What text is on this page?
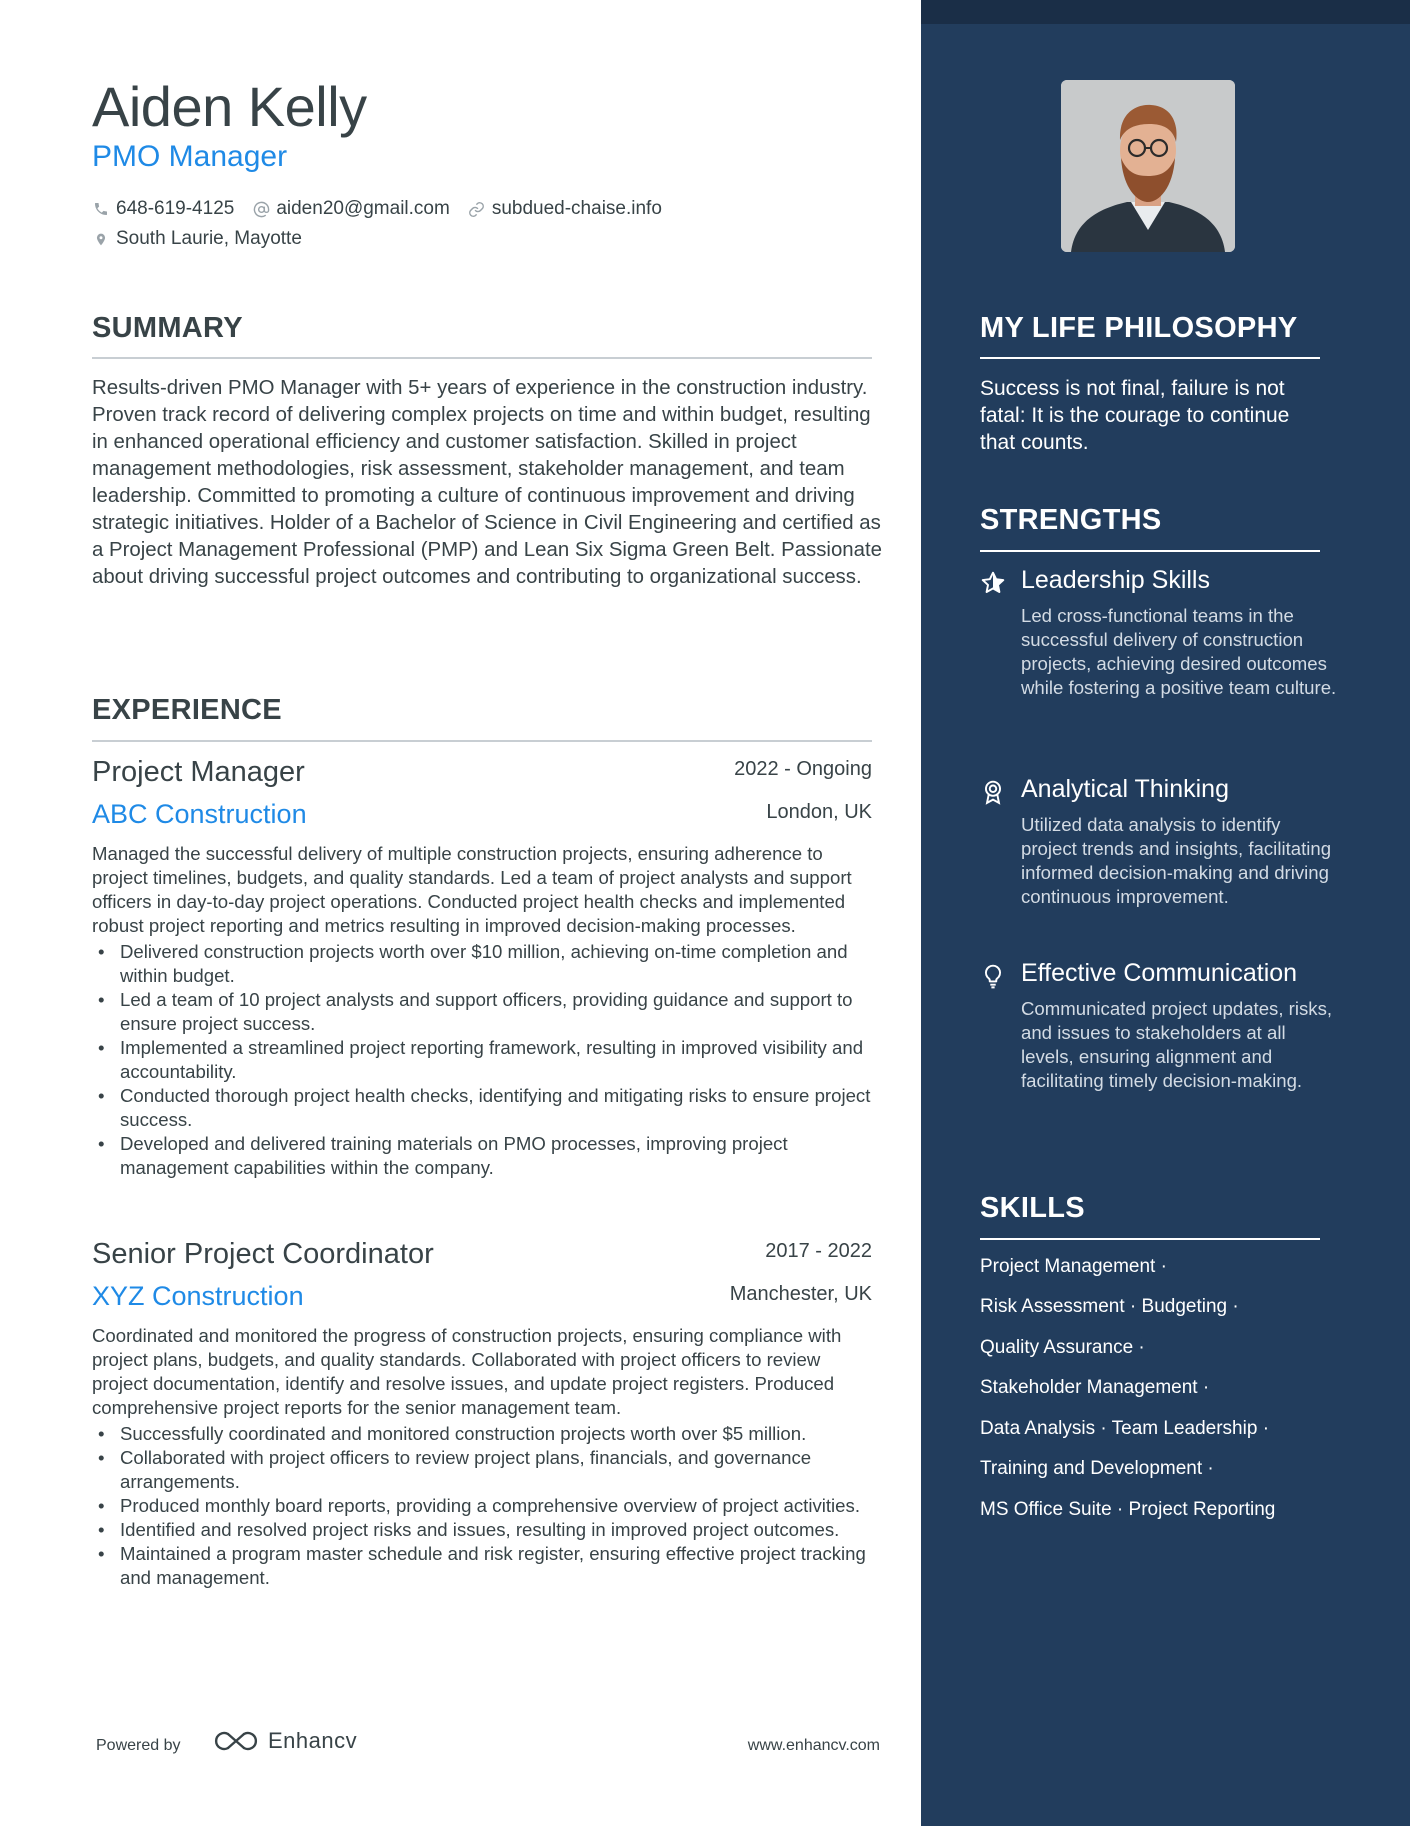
Aiden Kelly
PMO Manager
648-619-4125 aiden20@gmail.com subdued-chaise.info
South Laurie, Mayotte
SUMMARY

Results-driven PMO Manager with 5+ years of experience in the construction industry. Proven track record of delivering complex projects on time and within budget, resulting in enhanced operational efficiency and customer satisfaction. Skilled in project management methodologies, risk assessment, stakeholder management, and team leadership. Committed to promoting a culture of continuous improvement and driving strategic initiatives. Holder of a Bachelor of Science in Civil Engineering and certified as a Project Management Professional (PMP) and Lean Six Sigma Green Belt. Passionate about driving successful project outcomes and contributing to organizational success.

EXPERIENCE
Project Manager	2022 - Ongoing
ABC Construction	London, UK

Managed the successful delivery of multiple construction projects, ensuring adherence to project timelines, budgets, and quality standards. Led a team of project analysts and support officers in day-to-day project operations. Conducted project health checks and implemented robust project reporting and metrics resulting in improved decision-making processes.

• Delivered construction projects worth over $10 million, achieving on-time completion and within budget.
• Led a team of 10 project analysts and support officers, providing guidance and support to ensure project success.
• Implemented a streamlined project reporting framework, resulting in improved visibility and accountability.
• Conducted thorough project health checks, identifying and mitigating risks to ensure project success.
• Developed and delivered training materials on PMO processes, improving project management capabilities within the company.
Senior Project Coordinator	2017 - 2022
XYZ Construction	Manchester, UK

Coordinated and monitored the progress of construction projects, ensuring compliance with project plans, budgets, and quality standards. Collaborated with project officers to review project documentation, identify and resolve issues, and update project registers. Produced comprehensive project reports for the senior management team.

• Successfully coordinated and monitored construction projects worth over $5 million.
• Collaborated with project officers to review project plans, financials, and governance arrangements.
• Produced monthly board reports, providing a comprehensive overview of project activities.
• Identified and resolved project risks and issues, resulting in improved project outcomes.
• Maintained a program master schedule and risk register, ensuring effective project tracking and management.
Powered by	Enhancv	www.enhancv.com
MY LIFE PHILOSOPHY

Success is not final, failure is not fatal: It is the courage to continue that counts.

STRENGTHS
Leadership Skills

Led cross-functional teams in the successful delivery of construction projects, achieving desired outcomes while fostering a positive team culture.

Analytical Thinking

Utilized data analysis to identify project trends and insights, facilitating informed decision-making and driving continuous improvement.

Effective Communication

Communicated project updates, risks, and issues to stakeholders at all levels, ensuring alignment and facilitating timely decision-making.

SKILLS
Project Management ·
Risk Assessment · Budgeting ·
Quality Assurance ·
Stakeholder Management ·
Data Analysis · Team Leadership ·
Training and Development ·
MS Office Suite · Project Reporting
